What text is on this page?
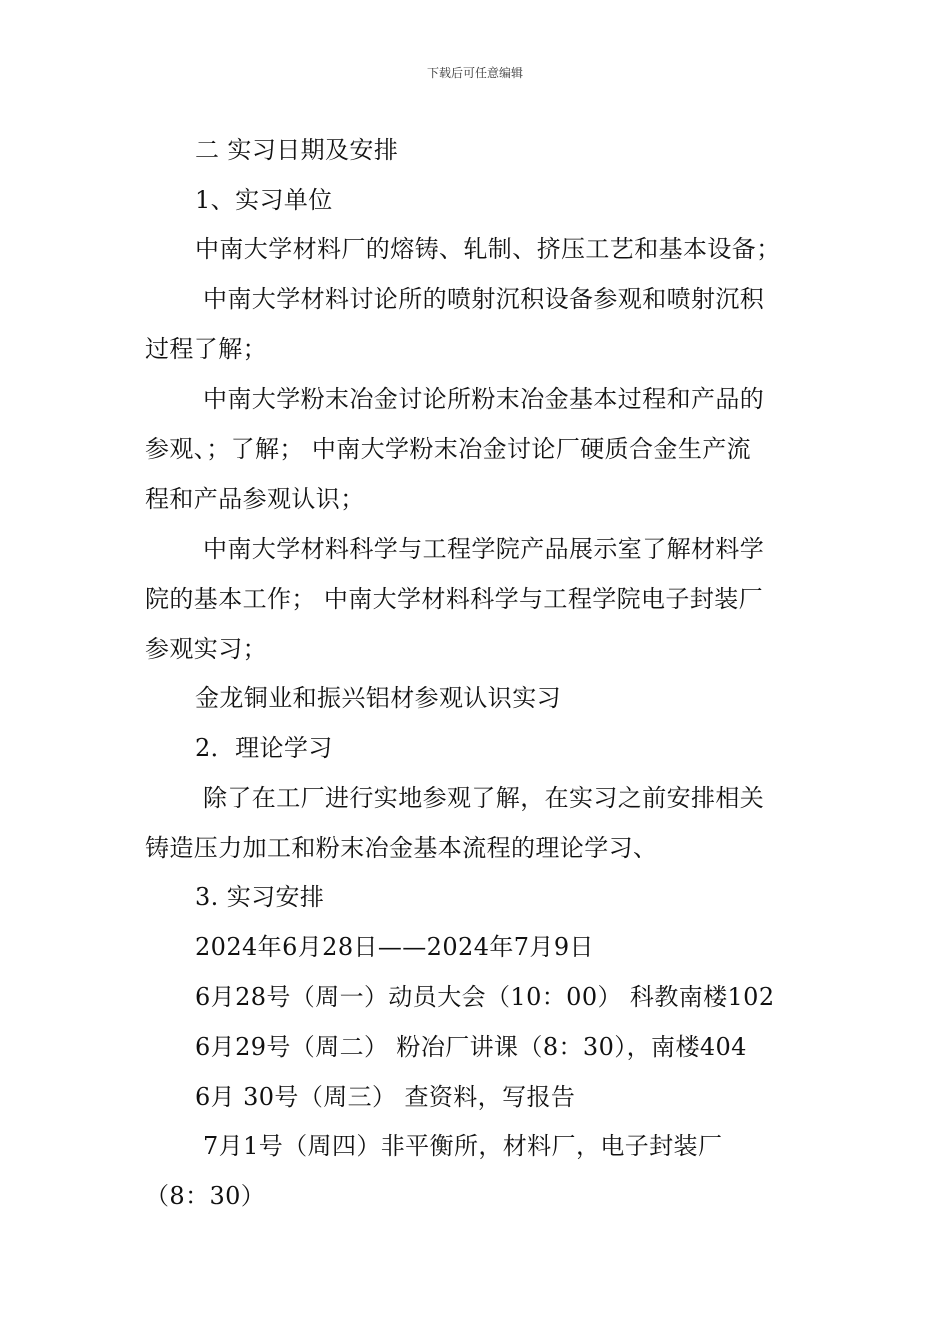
下载后可任意编辑
二 实习日期及安排
1、实习单位
中南大学材料厂的熔铸、轧制、挤压工艺和基本设备；
中南大学材料讨论所的喷射沉积设备参观和喷射沉积
过程了解；
中南大学粉末冶金讨论所粉末冶金基本过程和产品的
参观、；了解； 中南大学粉末冶金讨论厂硬质合金生产流
程和产品参观认识；
中南大学材料科学与工程学院产品展示室了解材料学
院的基本工作； 中南大学材料科学与工程学院电子封装厂
参观实习；
金龙铜业和振兴铝材参观认识实习
2．理论学习
除了在工厂进行实地参观了解，在实习之前安排相关
铸造压力加工和粉末冶金基本流程的理论学习、
3. 实习安排
2024年6月28日——2024年7月9日
6月28号（周一）动员大会（10：00） 科教南楼102
6月29号（周二） 粉冶厂讲课（8：30），南楼404
6月 30号（周三） 查资料，写报告
7月1号（周四）非平衡所，材料厂，电子封装厂
（8：30）
